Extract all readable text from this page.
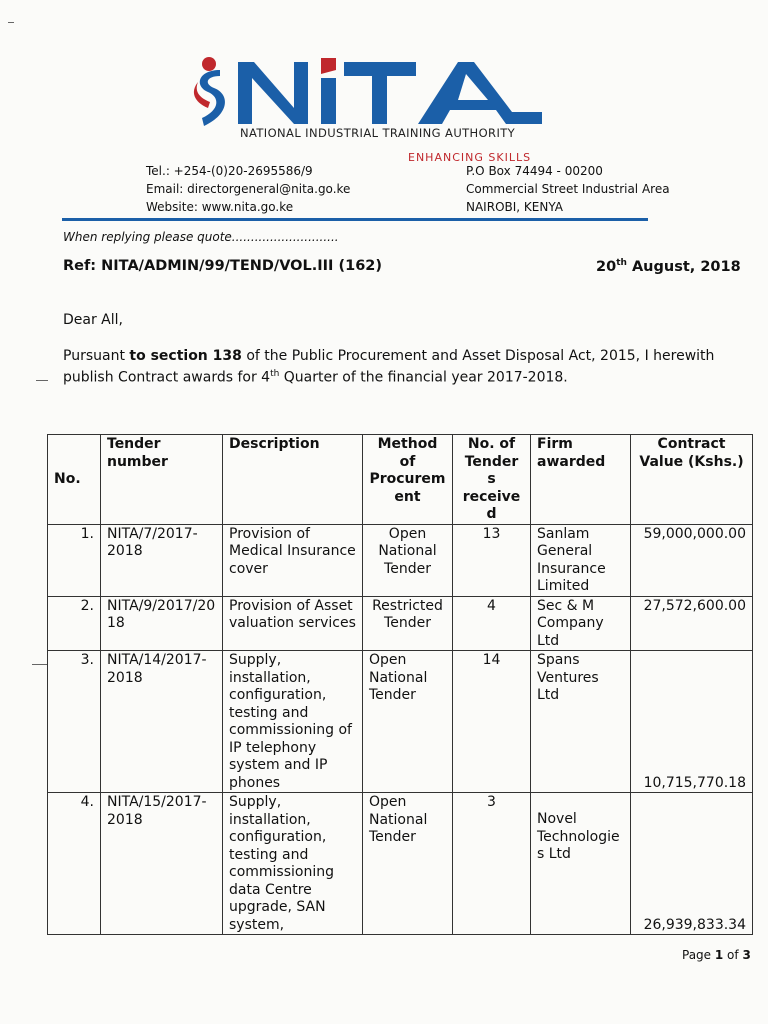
NATIONAL INDUSTRIAL TRAINING AUTHORITY
ENHANCING SKILLS
Tel.: +254-(0)20-2695586/9
Email: directorgeneral@nita.go.ke
Website: www.nita.go.ke
P.O Box 74494 - 00200
Commercial Street Industrial Area
NAIROBI, KENYA
When replying please quote............................
Ref: NITA/ADMIN/99/TEND/VOL.III (162)	20th August, 2018
Dear All,
Pursuant to section 138 of the Public Procurement and Asset Disposal Act, 2015, I herewith publish Contract awards for 4th Quarter of the financial year 2017-2018.
No.	Tender number	Description	Method of Procurem ent	No. of Tender s receive d	Firm awarded	Contract Value (Kshs.)
1.	NITA/7/2017-2018	Provision of Medical Insurance cover	Open National Tender	13	Sanlam General Insurance Limited	59,000,000.00
2.	NITA/9/2017/2018	Provision of Asset valuation services	Restricted Tender	4	Sec & M Company Ltd	27,572,600.00
3.	NITA/14/2017-2018	Supply, installation, configuration, testing and commissioning of IP telephony system and IP phones	Open National Tender	14	Spans Ventures Ltd	10,715,770.18
4.	NITA/15/2017-2018	Supply, installation, configuration, testing and commissioning data Centre upgrade, SAN system,	Open National Tender	3	Novel Technologie s Ltd	26,939,833.34
Page 1 of 3
